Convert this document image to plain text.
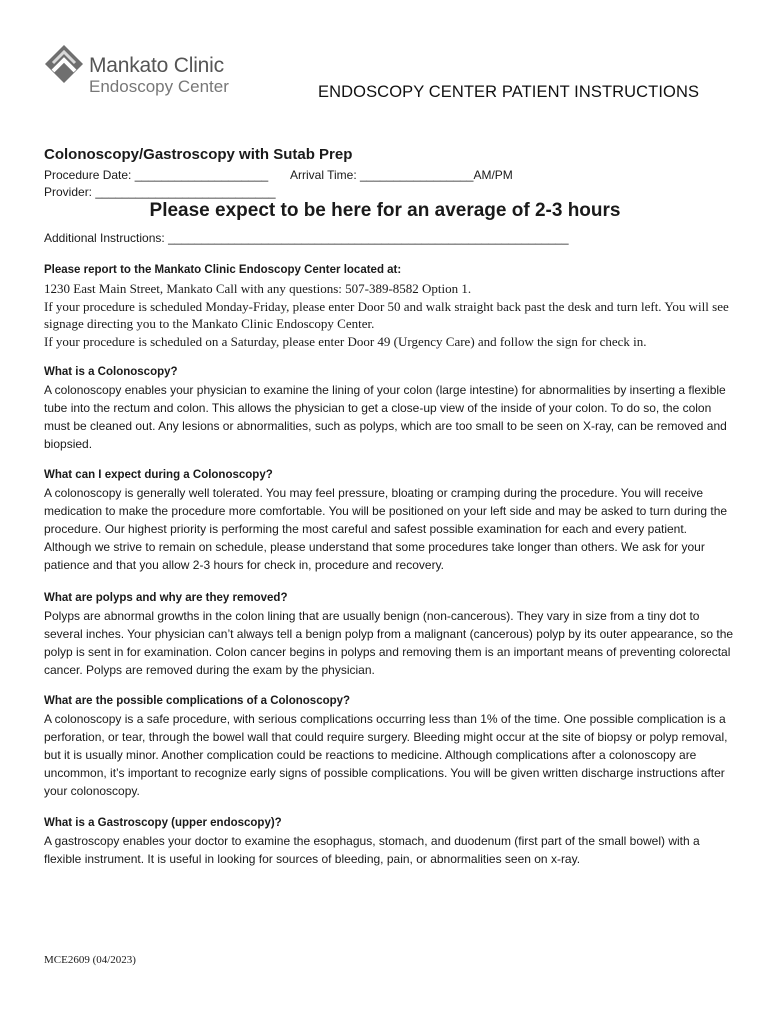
Mankato Clinic
Endoscopy Center	ENDOSCOPY CENTER PATIENT INSTRUCTIONS
Colonoscopy/Gastroscopy with Sutab Prep
Procedure Date: ____________________ Arrival Time: _________________AM/PM
Provider: ___________________________
Please expect to be here for an average of 2-3 hours
Additional Instructions: ____________________________________________________________
Please report to the Mankato Clinic Endoscopy Center located at:

1230 East Main Street, Mankato Call with any questions: 507-389-8582 Option 1.

If your procedure is scheduled Monday-Friday, please enter Door 50 and walk straight back past the desk and turn left. You will see signage directing you to the Mankato Clinic Endoscopy Center.

If your procedure is scheduled on a Saturday, please enter Door 49 (Urgency Care) and follow the sign for check in.

What is a Colonoscopy?

A colonoscopy enables your physician to examine the lining of your colon (large intestine) for abnormalities by inserting a flexible tube into the rectum and colon. This allows the physician to get a close-up view of the inside of your colon. To do so, the colon must be cleaned out. Any lesions or abnormalities, such as polyps, which are too small to be seen on X-ray, can be removed and biopsied.

What can I expect during a Colonoscopy?

A colonoscopy is generally well tolerated. You may feel pressure, bloating or cramping during the procedure. You will receive medication to make the procedure more comfortable. You will be positioned on your left side and may be asked to turn during the procedure. Our highest priority is performing the most careful and safest possible examination for each and every patient. Although we strive to remain on schedule, please understand that some procedures take longer than others. We ask for your patience and that you allow 2-3 hours for check in, procedure and recovery.

What are polyps and why are they removed?

Polyps are abnormal growths in the colon lining that are usually benign (non-cancerous). They vary in size from a tiny dot to several inches. Your physician can’t always tell a benign polyp from a malignant (cancerous) polyp by its outer appearance, so the polyp is sent in for examination. Colon cancer begins in polyps and removing them is an important means of preventing colorectal cancer. Polyps are removed during the exam by the physician.

What are the possible complications of a Colonoscopy?

A colonoscopy is a safe procedure, with serious complications occurring less than 1% of the time. One possible complication is a perforation, or tear, through the bowel wall that could require surgery. Bleeding might occur at the site of biopsy or polyp removal, but it is usually minor. Another complication could be reactions to medicine. Although complications after a colonoscopy are uncommon, it’s important to recognize early signs of possible complications. You will be given written discharge instructions after your colonoscopy.

What is a Gastroscopy (upper endoscopy)?

A gastroscopy enables your doctor to examine the esophagus, stomach, and duodenum (first part of the small bowel) with a flexible instrument. It is useful in looking for sources of bleeding, pain, or abnormalities seen on x-ray.

MCE2609 (04/2023)
